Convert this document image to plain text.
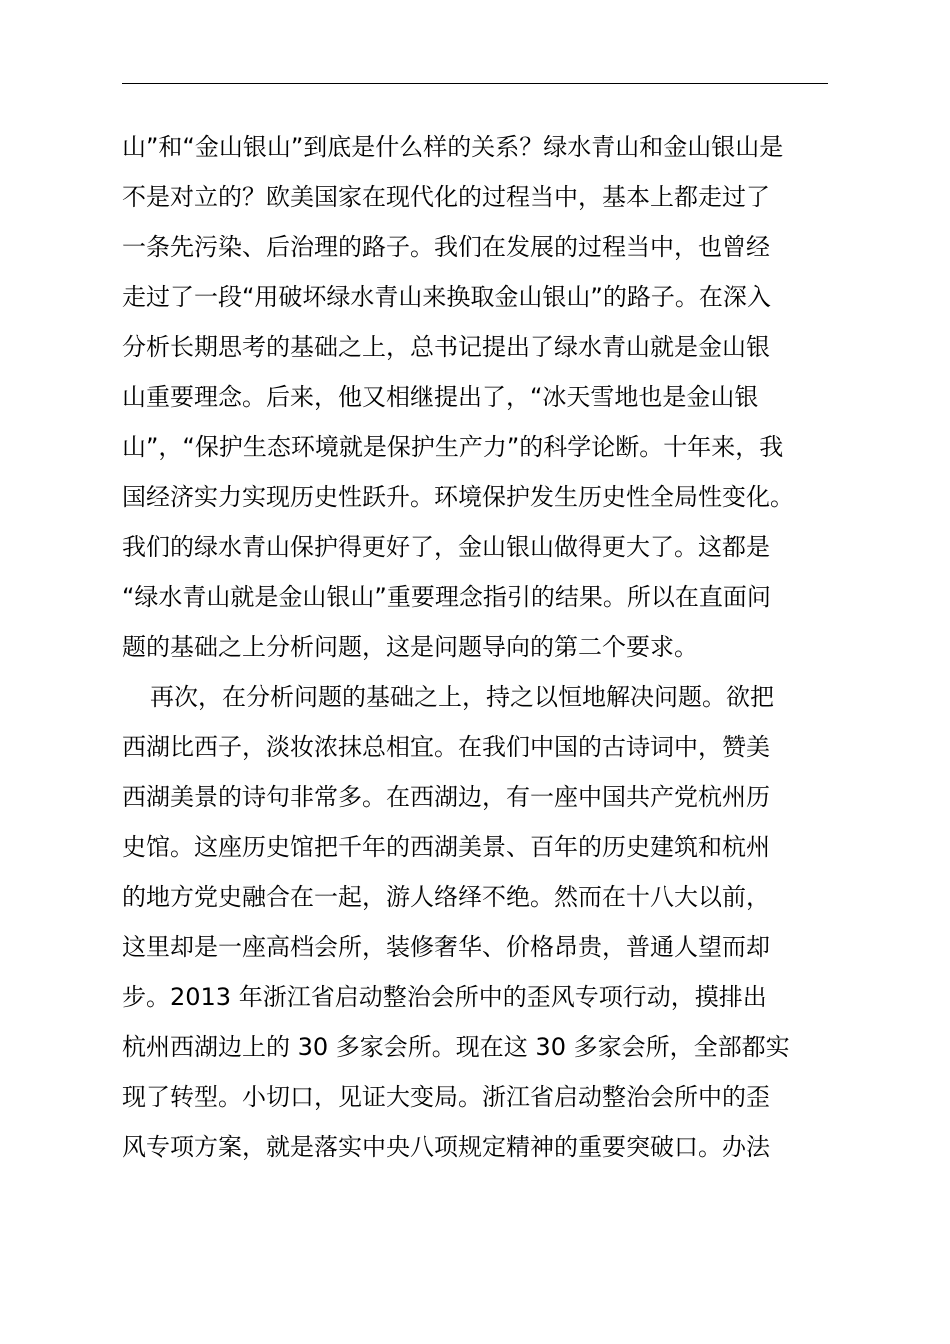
山”和“金山银山”到底是什么样的关系？绿水青山和金山银山是
不是对立的？欧美国家在现代化的过程当中，基本上都走过了
一条先污染、后治理的路子。我们在发展的过程当中，也曾经
走过了一段“用破坏绿水青山来换取金山银山”的路子。在深入
分析长期思考的基础之上，总书记提出了绿水青山就是金山银
山重要理念。后来，他又相继提出了，“冰天雪地也是金山银
山”，“保护生态环境就是保护生产力”的科学论断。十年来，我
国经济实力实现历史性跃升。环境保护发生历史性全局性变化。
我们的绿水青山保护得更好了，金山银山做得更大了。这都是
“绿水青山就是金山银山”重要理念指引的结果。所以在直面问
题的基础之上分析问题，这是问题导向的第二个要求。
再次，在分析问题的基础之上，持之以恒地解决问题。欲把
西湖比西子，淡妆浓抹总相宜。在我们中国的古诗词中，赞美
西湖美景的诗句非常多。在西湖边，有一座中国共产党杭州历
史馆。这座历史馆把千年的西湖美景、百年的历史建筑和杭州
的地方党史融合在一起，游人络绎不绝。然而在十八大以前，
这里却是一座高档会所，装修奢华、价格昂贵，普通人望而却
步。2013 年浙江省启动整治会所中的歪风专项行动，摸排出
杭州西湖边上的 30 多家会所。现在这 30 多家会所，全部都实
现了转型。小切口，见证大变局。浙江省启动整治会所中的歪
风专项方案，就是落实中央八项规定精神的重要突破口。办法
